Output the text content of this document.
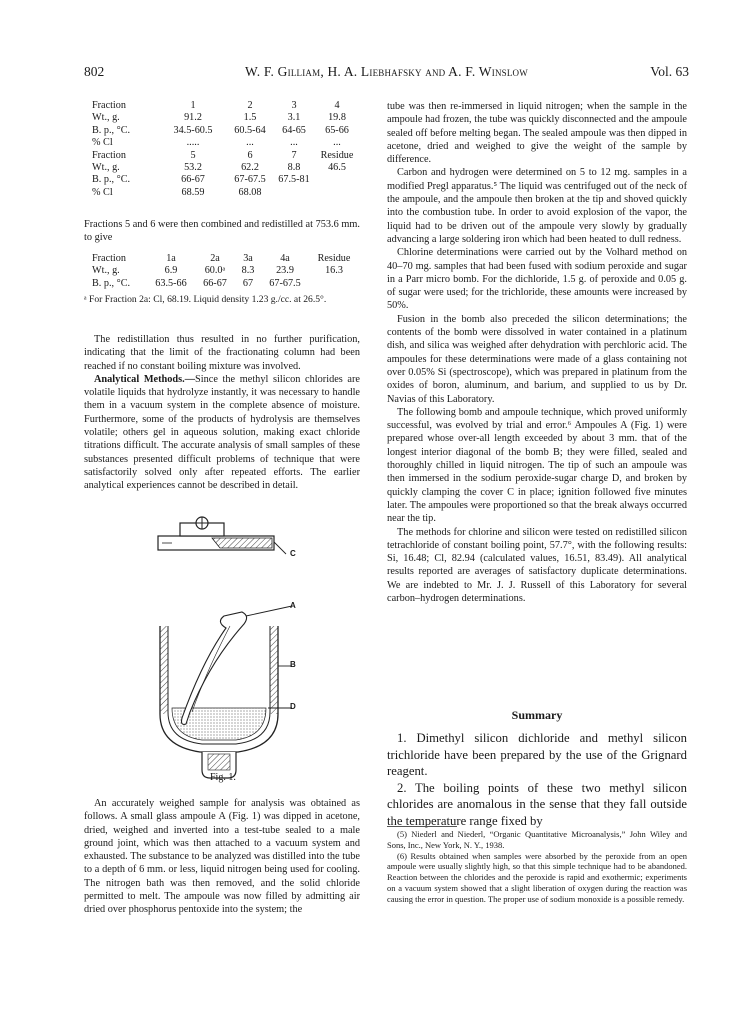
802	W. F. Gilliam, H. A. Liebhafsky and A. F. Winslow	Vol. 63
Fraction	1	2	3	4
Wt., g.	91.2	1.5	3.1	19.8
B. p., °C.	34.5-60.5	60.5-64	64-65	65-66
% Cl	.....	...	...	...
Fraction	5	6	7	Residue
Wt., g.	53.2	62.2	8.8	46.5
B. p., °C.	66-67	67-67.5	67.5-81	
% Cl	68.59	68.08		

Fractions 5 and 6 were then combined and redistilled at 753.6 mm. to give

Fraction	1a	2a	3a	4a	Residue
Wt., g.	6.9	60.0ᵃ	8.3	23.9	16.3
B. p., °C.	63.5-66	66-67	67	67-67.5	

ᵃ For Fraction 2a: Cl, 68.19. Liquid density 1.23 g./cc. at 26.5°.

The redistillation thus resulted in no further purification, indicating that the limit of the fractionating column had been reached if no constant boiling mixture was involved.

Analytical Methods.—Since the methyl silicon chlorides are volatile liquids that hydrolyze instantly, it was necessary to handle them in a vacuum system in the complete absence of moisture. Furthermore, some of the products of hydrolysis are themselves volatile; others gel in aqueous solution, making exact chloride titrations difficult. The accurate analysis of small samples of these substances presented difficult problems of technique that were satisfactorily solved only after repeated efforts. The earlier analytical experiences cannot be described in detail.

C
A
B
D
Fig. 1.

An accurately weighed sample for analysis was obtained as follows. A small glass ampoule A (Fig. 1) was dipped in acetone, dried, weighed and inverted into a test-tube sealed to a male ground joint, which was then attached to a vacuum system and exhausted. The substance to be analyzed was distilled into the tube to a depth of 6 mm. or less, liquid nitrogen being used for cooling. The nitrogen bath was then removed, and the solid chloride permitted to melt. The ampoule was now filled by admitting air dried over phosphorus pentoxide into the system; the

tube was then re-immersed in liquid nitrogen; when the sample in the ampoule had frozen, the tube was quickly disconnected and the ampoule sealed off before melting began. The sealed ampoule was then dipped in acetone, dried and weighed to give the weight of the sample by difference.

Carbon and hydrogen were determined on 5 to 12 mg. samples in a modified Pregl apparatus.⁵ The liquid was centrifuged out of the neck of the ampoule, and the ampoule then broken at the tip and shoved quickly into the combustion tube. In order to avoid explosion of the vapor, the liquid had to be driven out of the ampoule very slowly by gradually advancing a large soldering iron which had been heated to dull redness.

Chlorine determinations were carried out by the Volhard method on 40–70 mg. samples that had been fused with sodium peroxide and sugar in a Parr micro bomb. For the dichloride, 1.5 g. of peroxide and 0.05 g. of sugar were used; for the trichloride, these amounts were increased by 50%.

Fusion in the bomb also preceded the silicon determinations; the contents of the bomb were dissolved in water contained in a platinum dish, and silica was weighed after dehydration with perchloric acid. The ampoules for these determinations were made of a glass containing not over 0.05% Si (spectroscope), which was prepared in platinum from the oxides of boron, aluminum, and barium, and supplied to us by Dr. Navias of this Laboratory.

The following bomb and ampoule technique, which proved uniformly successful, was evolved by trial and error.⁶ Ampoules A (Fig. 1) were prepared whose over-all length exceeded by about 3 mm. that of the longest interior diagonal of the bomb B; they were filled, sealed and thoroughly chilled in liquid nitrogen. The tip of such an ampoule was then immersed in the sodium peroxide-sugar charge D, and broken by quickly clamping the cover C in place; ignition followed five minutes later. The ampoules were proportioned so that the break always occurred near the tip.

The methods for chlorine and silicon were tested on redistilled silicon tetrachloride of constant boiling point, 57.7°, with the following results: Si, 16.48; Cl, 82.94 (calculated values, 16.51, 83.49). All analytical results reported are averages of satisfactory duplicate determinations. We are indebted to Mr. J. J. Russell of this Laboratory for several carbon–hydrogen determinations.

Summary

1. Dimethyl silicon dichloride and methyl silicon trichloride have been prepared by the use of the Grignard reagent.

2. The boiling points of these two methyl silicon chlorides are anomalous in the sense that they fall outside the temperature range fixed by

(5) Niederl and Niederl, “Organic Quantitative Microanalysis,” John Wiley and Sons, Inc., New York, N. Y., 1938.

(6) Results obtained when samples were absorbed by the peroxide from an open ampoule were usually slightly high, so that this simple technique had to be abandoned. Reaction between the chlorides and the peroxide is rapid and exothermic; experiments on a vacuum system showed that a slight liberation of oxygen during the reaction was causing the error in question. The proper use of sodium monoxide is a possible remedy.
